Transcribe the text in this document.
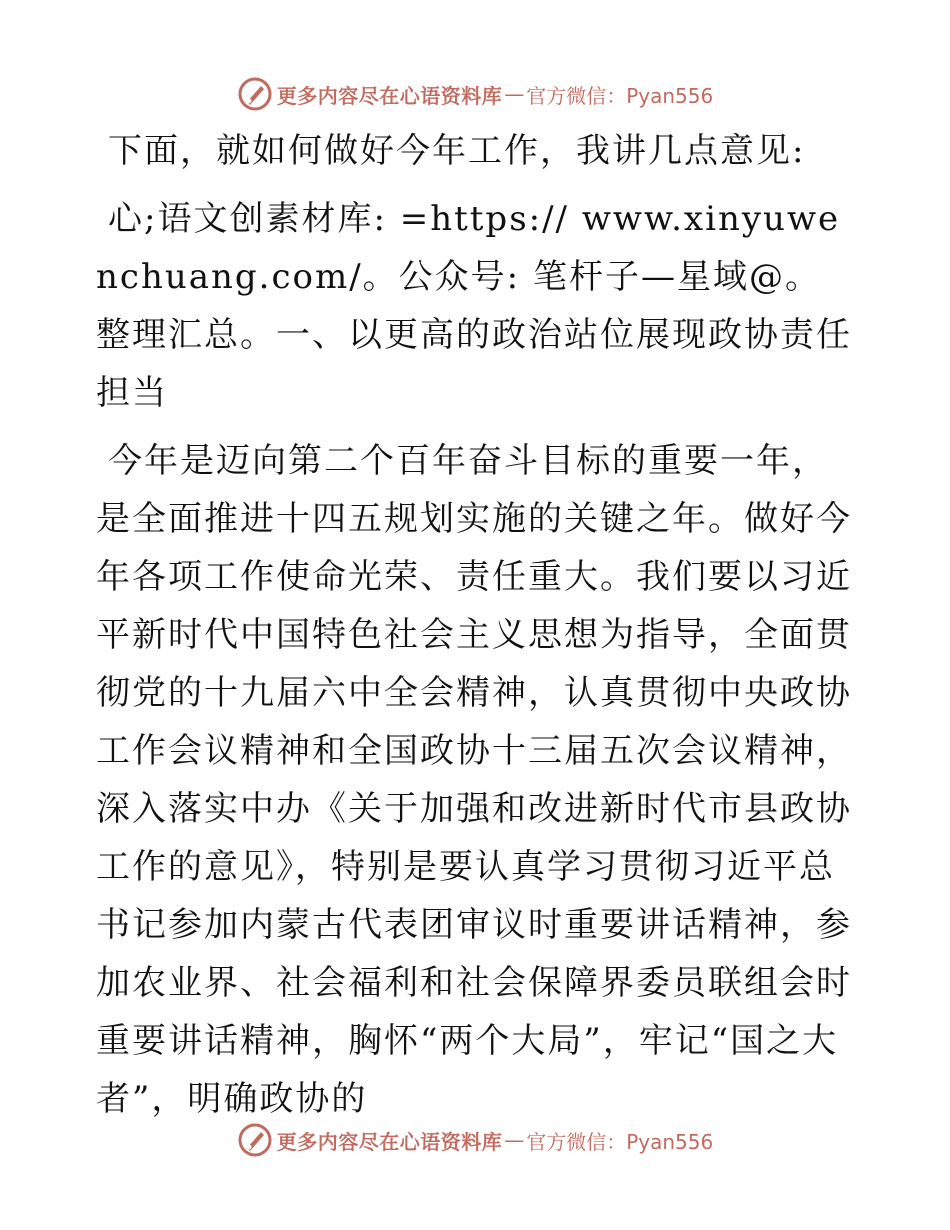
更多内容尽在心语资料库 — 官方微信：Pyan556

下面，就如何做好今年工作，我讲几点意见:

心;语文创素材库: =https:// www.xinyuwenchuang.com/。公众号: 笔杆子—星域@。整理汇总。一、以更高的政治站位展现政协责任担当

今年是迈向第二个百年奋斗目标的重要一年，是全面推进十四五规划实施的关键之年。做好今年各项工作使命光荣、责任重大。我们要以习近平新时代中国特色社会主义思想为指导，全面贯彻党的十九届六中全会精神，认真贯彻中央政协工作会议精神和全国政协十三届五次会议精神，深入落实中办《关于加强和改进新时代市县政协工作的意见》，特别是要认真学习贯彻习近平总书记参加内蒙古代表团审议时重要讲话精神，参加农业界、社会福利和社会保障界委员联组会时重要讲话精神，胸怀“两个大局”，牢记“国之大者”，明确政协的

更多内容尽在心语资料库 — 官方微信：Pyan556
